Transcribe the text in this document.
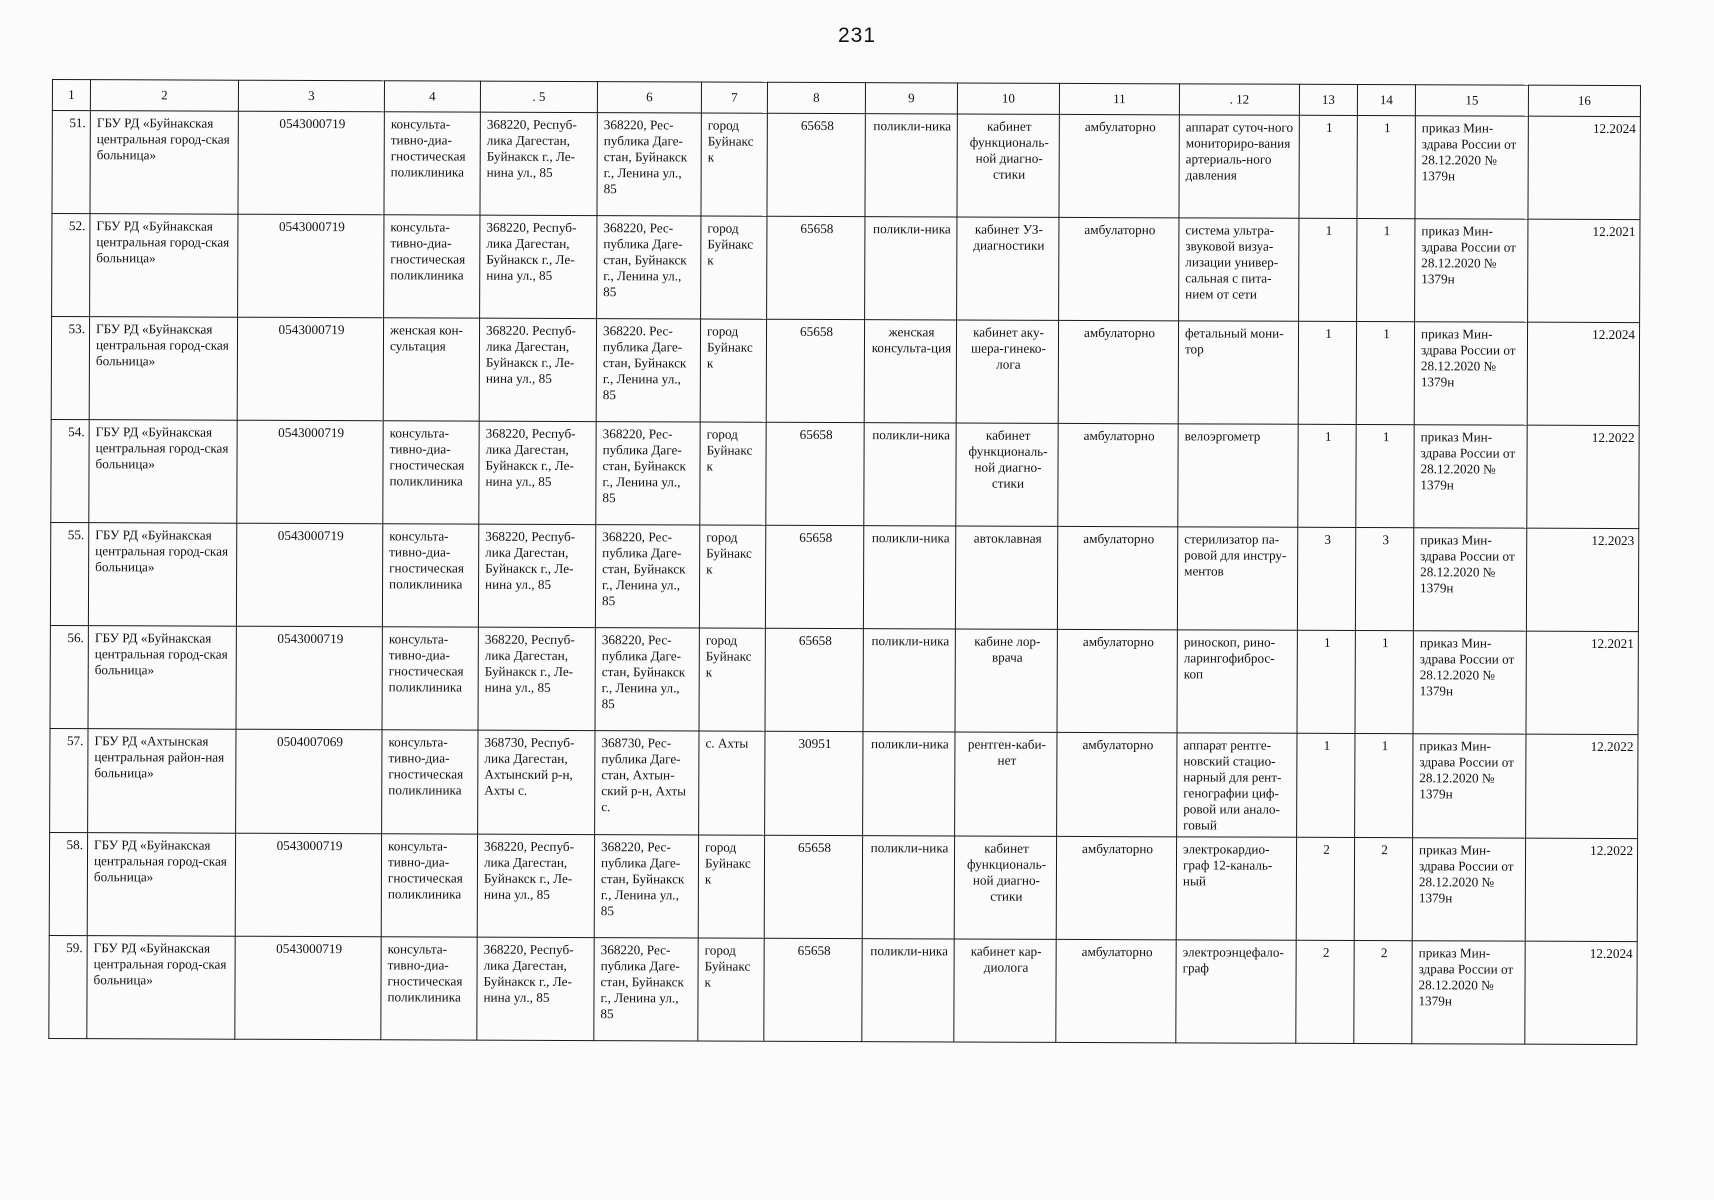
231
1	2	3	4	. 5	6	7	8	9	10	11	. 12	13	14	15	16
51.	ГБУ РД «Буйнакская центральная город-ская больница»	0543000719	консульта-тивно-диа-гностическая поликлиника	368220, Респуб-лика Дагестан, Буйнакск г., Ле-нина ул., 85	368220, Рес-публика Даге-стан, Буйнакск г., Ленина ул., 85	город Буйнакс к	65658	поликли-ника	кабинет функциональ-ной диагно-стики	амбулаторно	аппарат суточ-ного мониториро-вания артериаль-ного давления	1	1	приказ Мин-здрава России от 28.12.2020 № 1379н	12.2024
52.	ГБУ РД «Буйнакская центральная город-ская больница»	0543000719	консульта-тивно-диа-гностическая поликлиника	368220, Респуб-лика Дагестан, Буйнакск г., Ле-нина ул., 85	368220, Рес-публика Даге-стан, Буйнакск г., Ленина ул., 85	город Буйнакс к	65658	поликли-ника	кабинет УЗ-диагностики	амбулаторно	система ультра-звуковой визуа-лизации универ-сальная с пита-нием от сети	1	1	приказ Мин-здрава России от 28.12.2020 № 1379н	12.2021
53.	ГБУ РД «Буйнакская центральная город-ская больница»	0543000719	женская кон-сультация	368220. Респуб-лика Дагестан, Буйнакск г., Ле-нина ул., 85	368220. Рес-публика Даге-стан, Буйнакск г., Ленина ул., 85	город Буйнакс к	65658	женская консульта-ция	кабинет аку-шера-гинеко-лога	амбулаторно	фетальный мони-тор	1	1	приказ Мин-здрава России от 28.12.2020 № 1379н	12.2024
54.	ГБУ РД «Буйнакская центральная город-ская больница»	0543000719	консульта-тивно-диа-гностическая поликлиника	368220, Респуб-лика Дагестан, Буйнакск г., Ле-нина ул., 85	368220, Рес-публика Даге-стан, Буйнакск г., Ленина ул., 85	город Буйнакс к	65658	поликли-ника	кабинет функциональ-ной диагно-стики	амбулаторно	велоэргометр	1	1	приказ Мин-здрава России от 28.12.2020 № 1379н	12.2022
55.	ГБУ РД «Буйнакская центральная город-ская больница»	0543000719	консульта-тивно-диа-гностическая поликлиника	368220, Респуб-лика Дагестан, Буйнакск г., Ле-нина ул., 85	368220, Рес-публика Даге-стан, Буйнакск г., Ленина ул., 85	город Буйнакс к	65658	поликли-ника	автоклавная	амбулаторно	стерилизатор па-ровой для инстру-ментов	3	3	приказ Мин-здрава России от 28.12.2020 № 1379н	12.2023
56.	ГБУ РД «Буйнакская центральная город-ская больница»	0543000719	консульта-тивно-диа-гностическая поликлиника	368220, Респуб-лика Дагестан, Буйнакск г., Ле-нина ул., 85	368220, Рес-публика Даге-стан, Буйнакск г., Ленина ул., 85	город Буйнакс к	65658	поликли-ника	кабине лор-врача	амбулаторно	риноскоп, рино-ларингофиброс-коп	1	1	приказ Мин-здрава России от 28.12.2020 № 1379н	12.2021
57.	ГБУ РД «Ахтынская центральная район-ная больница»	0504007069	консульта-тивно-диа-гностическая поликлиника	368730, Респуб-лика Дагестан, Ахтынский р-н, Ахты с.	368730, Рес-публика Даге-стан, Ахтын-ский р-н, Ахты с.	с. Ахты	30951	поликли-ника	рентген-каби-нет	амбулаторно	аппарат рентге-новский стацио-нарный для рент-генографии циф-ровой или анало-говый	1	1	приказ Мин-здрава России от 28.12.2020 № 1379н	12.2022
58.	ГБУ РД «Буйнакская центральная город-ская больница»	0543000719	консульта-тивно-диа-гностическая поликлиника	368220, Респуб-лика Дагестан, Буйнакск г., Ле-нина ул., 85	368220, Рес-публика Даге-стан, Буйнакск г., Ленина ул., 85	город Буйнакс к	65658	поликли-ника	кабинет функциональ-ной диагно-стики	амбулаторно	электрокардио-граф 12-каналь-ный	2	2	приказ Мин-здрава России от 28.12.2020 № 1379н	12.2022
59.	ГБУ РД «Буйнакская центральная город-ская больница»	0543000719	консульта-тивно-диа-гностическая поликлиника	368220, Респуб-лика Дагестан, Буйнакск г., Ле-нина ул., 85	368220, Рес-публика Даге-стан, Буйнакск г., Ленина ул., 85	город Буйнакс к	65658	поликли-ника	кабинет кар-диолога	амбулаторно	электроэнцефало-граф	2	2	приказ Мин-здрава России от 28.12.2020 № 1379н	12.2024
